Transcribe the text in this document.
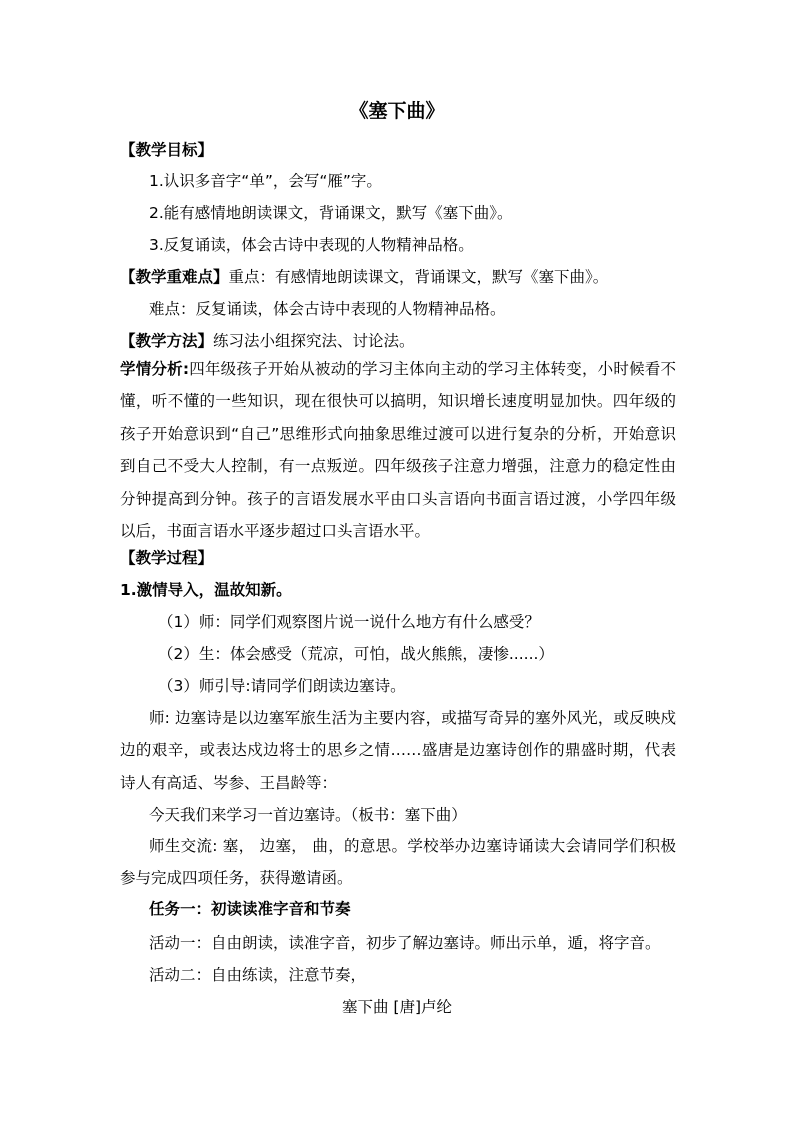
《塞下曲》
【教学目标】
1.认识多音字“单”，会写“雁”字。
2.能有感情地朗读课文，背诵课文，默写《塞下曲》。
3.反复诵读，体会古诗中表现的人物精神品格。
【教学重难点】重点：有感情地朗读课文，背诵课文，默写《塞下曲》。
难点：反复诵读，体会古诗中表现的人物精神品格。
【教学方法】练习法小组探究法、讨论法。
学情分析:四年级孩子开始从被动的学习主体向主动的学习主体转变，小时候看不懂，听不懂的一些知识，现在很快可以搞明，知识增长速度明显加快。四年级的孩子开始意识到“自己”思维形式向抽象思维过渡可以进行复杂的分析，开始意识到自己不受大人控制，有一点叛逆。四年级孩子注意力增强，注意力的稳定性由分钟提高到分钟。孩子的言语发展水平由口头言语向书面言语过渡，小学四年级以后，书面言语水平逐步超过口头言语水平。
【教学过程】
1.激情导入，温故知新。
（1）师：同学们观察图片说一说什么地方有什么感受？
（2）生：体会感受（荒凉，可怕，战火熊熊，凄惨......）
（3）师引导:请同学们朗读边塞诗。
师: 边塞诗是以边塞军旅生活为主要内容，或描写奇异的塞外风光，或反映戍边的艰辛，或表达戍边将士的思乡之情……盛唐是边塞诗创作的鼎盛时期，代表诗人有高适、岑参、王昌龄等：
今天我们来学习一首边塞诗。（板书：塞下曲）
师生交流: 塞， 边塞， 曲，的意思。学校举办边塞诗诵读大会请同学们积极参与完成四项任务，获得邀请函。
任务一：初读读准字音和节奏
活动一：自由朗读，读准字音，初步了解边塞诗。师出示单，遁，将字音。
活动二：自由练读，注意节奏，
塞下曲 [唐]卢纶
